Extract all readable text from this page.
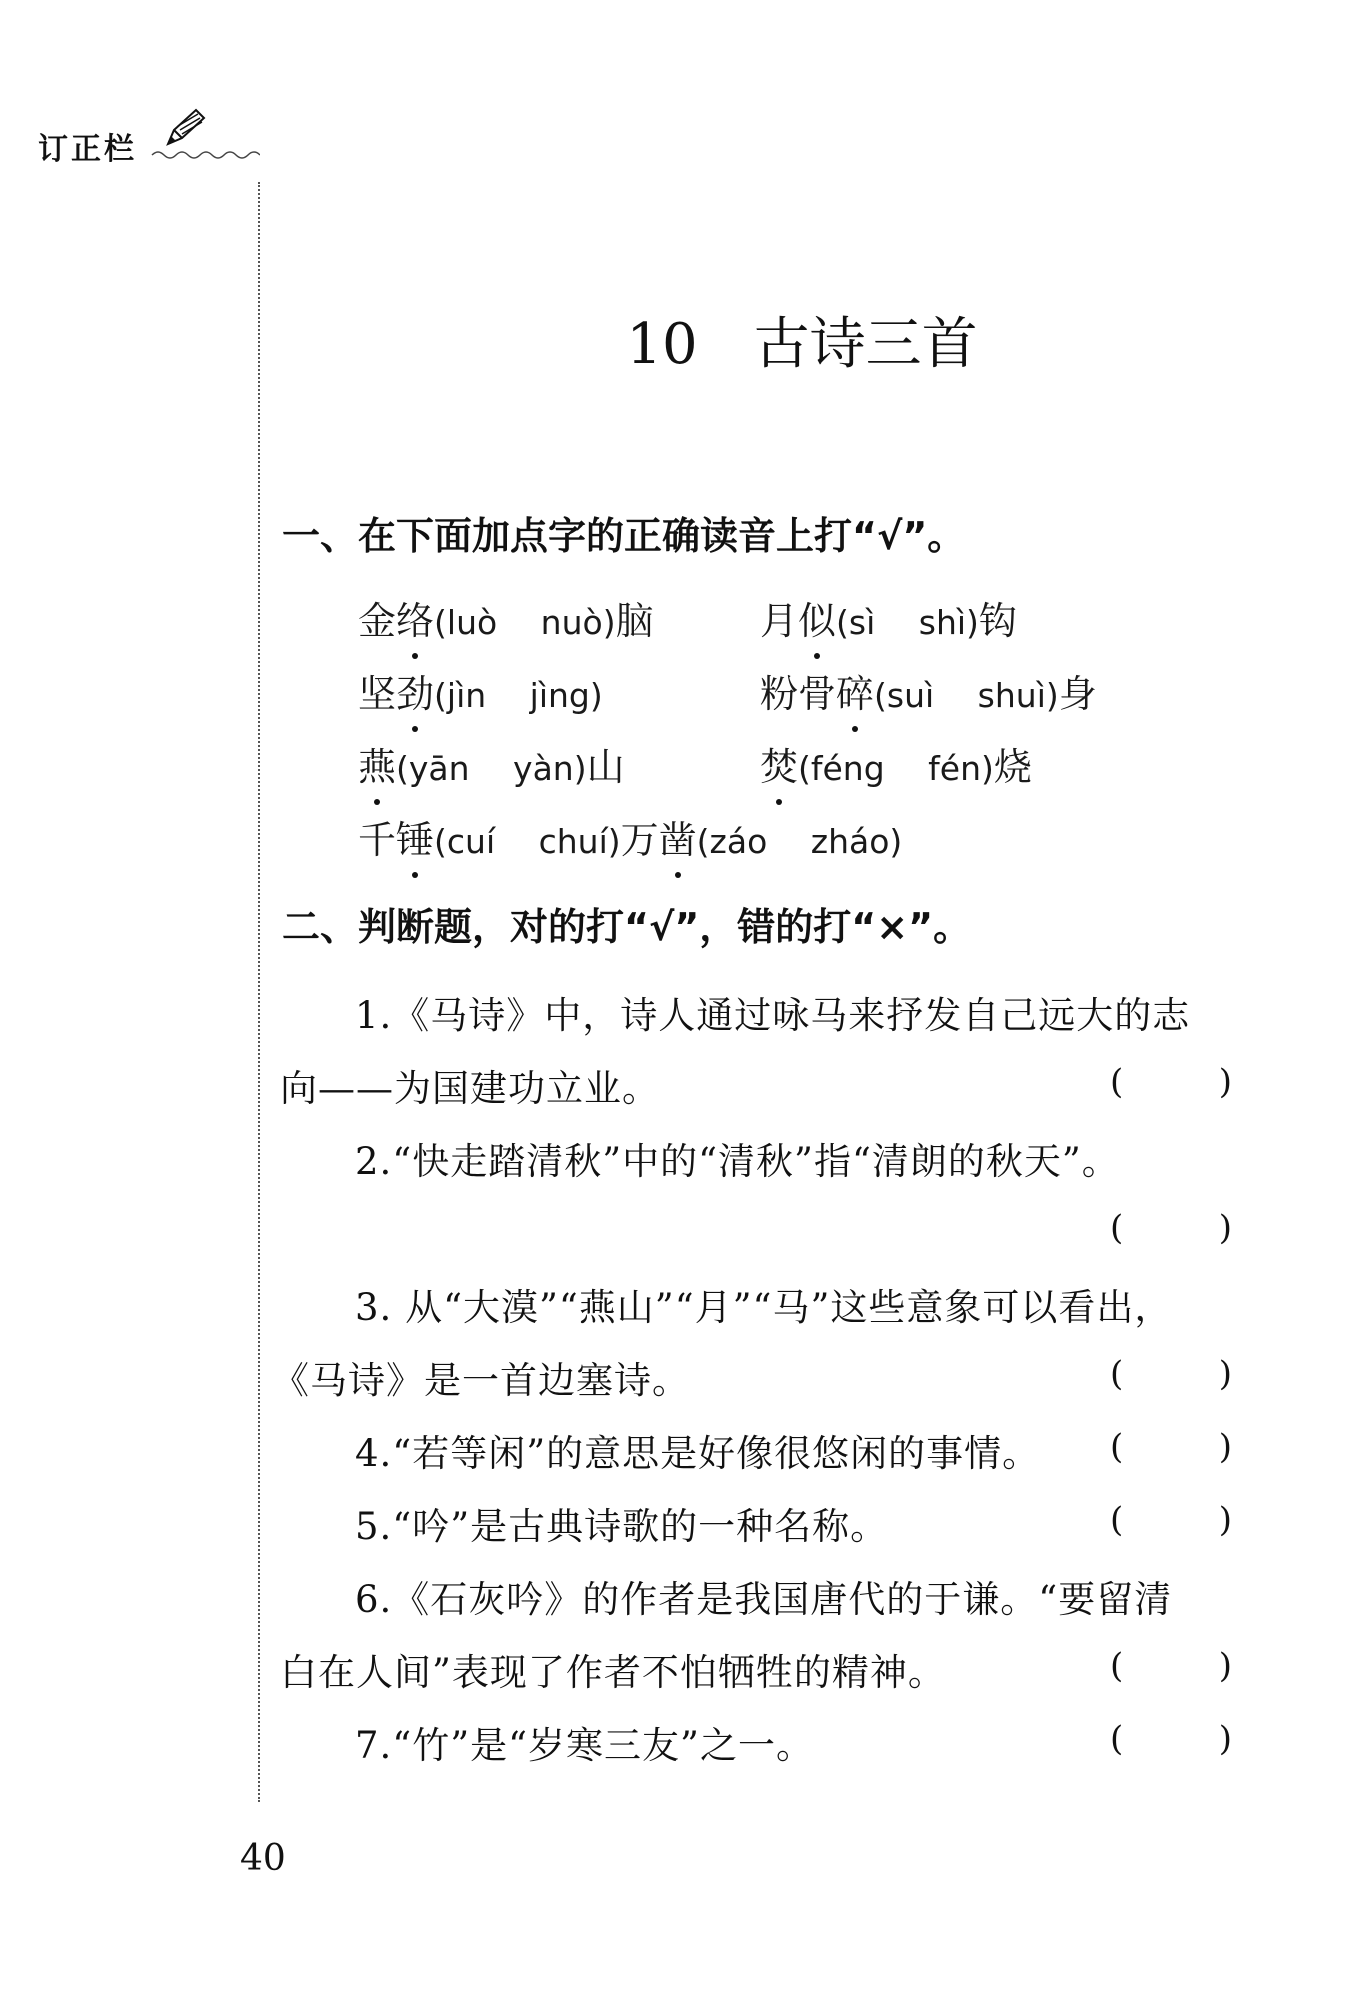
订正栏
10 古诗三首
一、在下面加点字的正确读音上打“√”。
金络(luò　 nuò)脑	月似(sì　 shì)钩
坚劲(jìn　 jìng)	粉骨碎(suì　 shuì)身
燕(yān　 yàn)山	焚(féng　 fén)烧
千锤(cuí　 chuí)万凿(záo　 zháo)
二、判断题，对的打“√”，错的打“×”。
1.《马诗》中，诗人通过咏马来抒发自己远大的志
向——为国建功立业。	(	)
2.“快走踏清秋”中的“清秋”指“清朗的秋天”。
(	)
3. 从“大漠”“燕山”“月”“马”这些意象可以看出，
《马诗》是一首边塞诗。	(	)
4.“若等闲”的意思是好像很悠闲的事情。 (	)
5.“吟”是古典诗歌的一种名称。	(	)
6.《石灰吟》的作者是我国唐代的于谦。“要留清
白在人间”表现了作者不怕牺牲的精神。	(	)
7.“竹”是“岁寒三友”之一。	(	)
40
